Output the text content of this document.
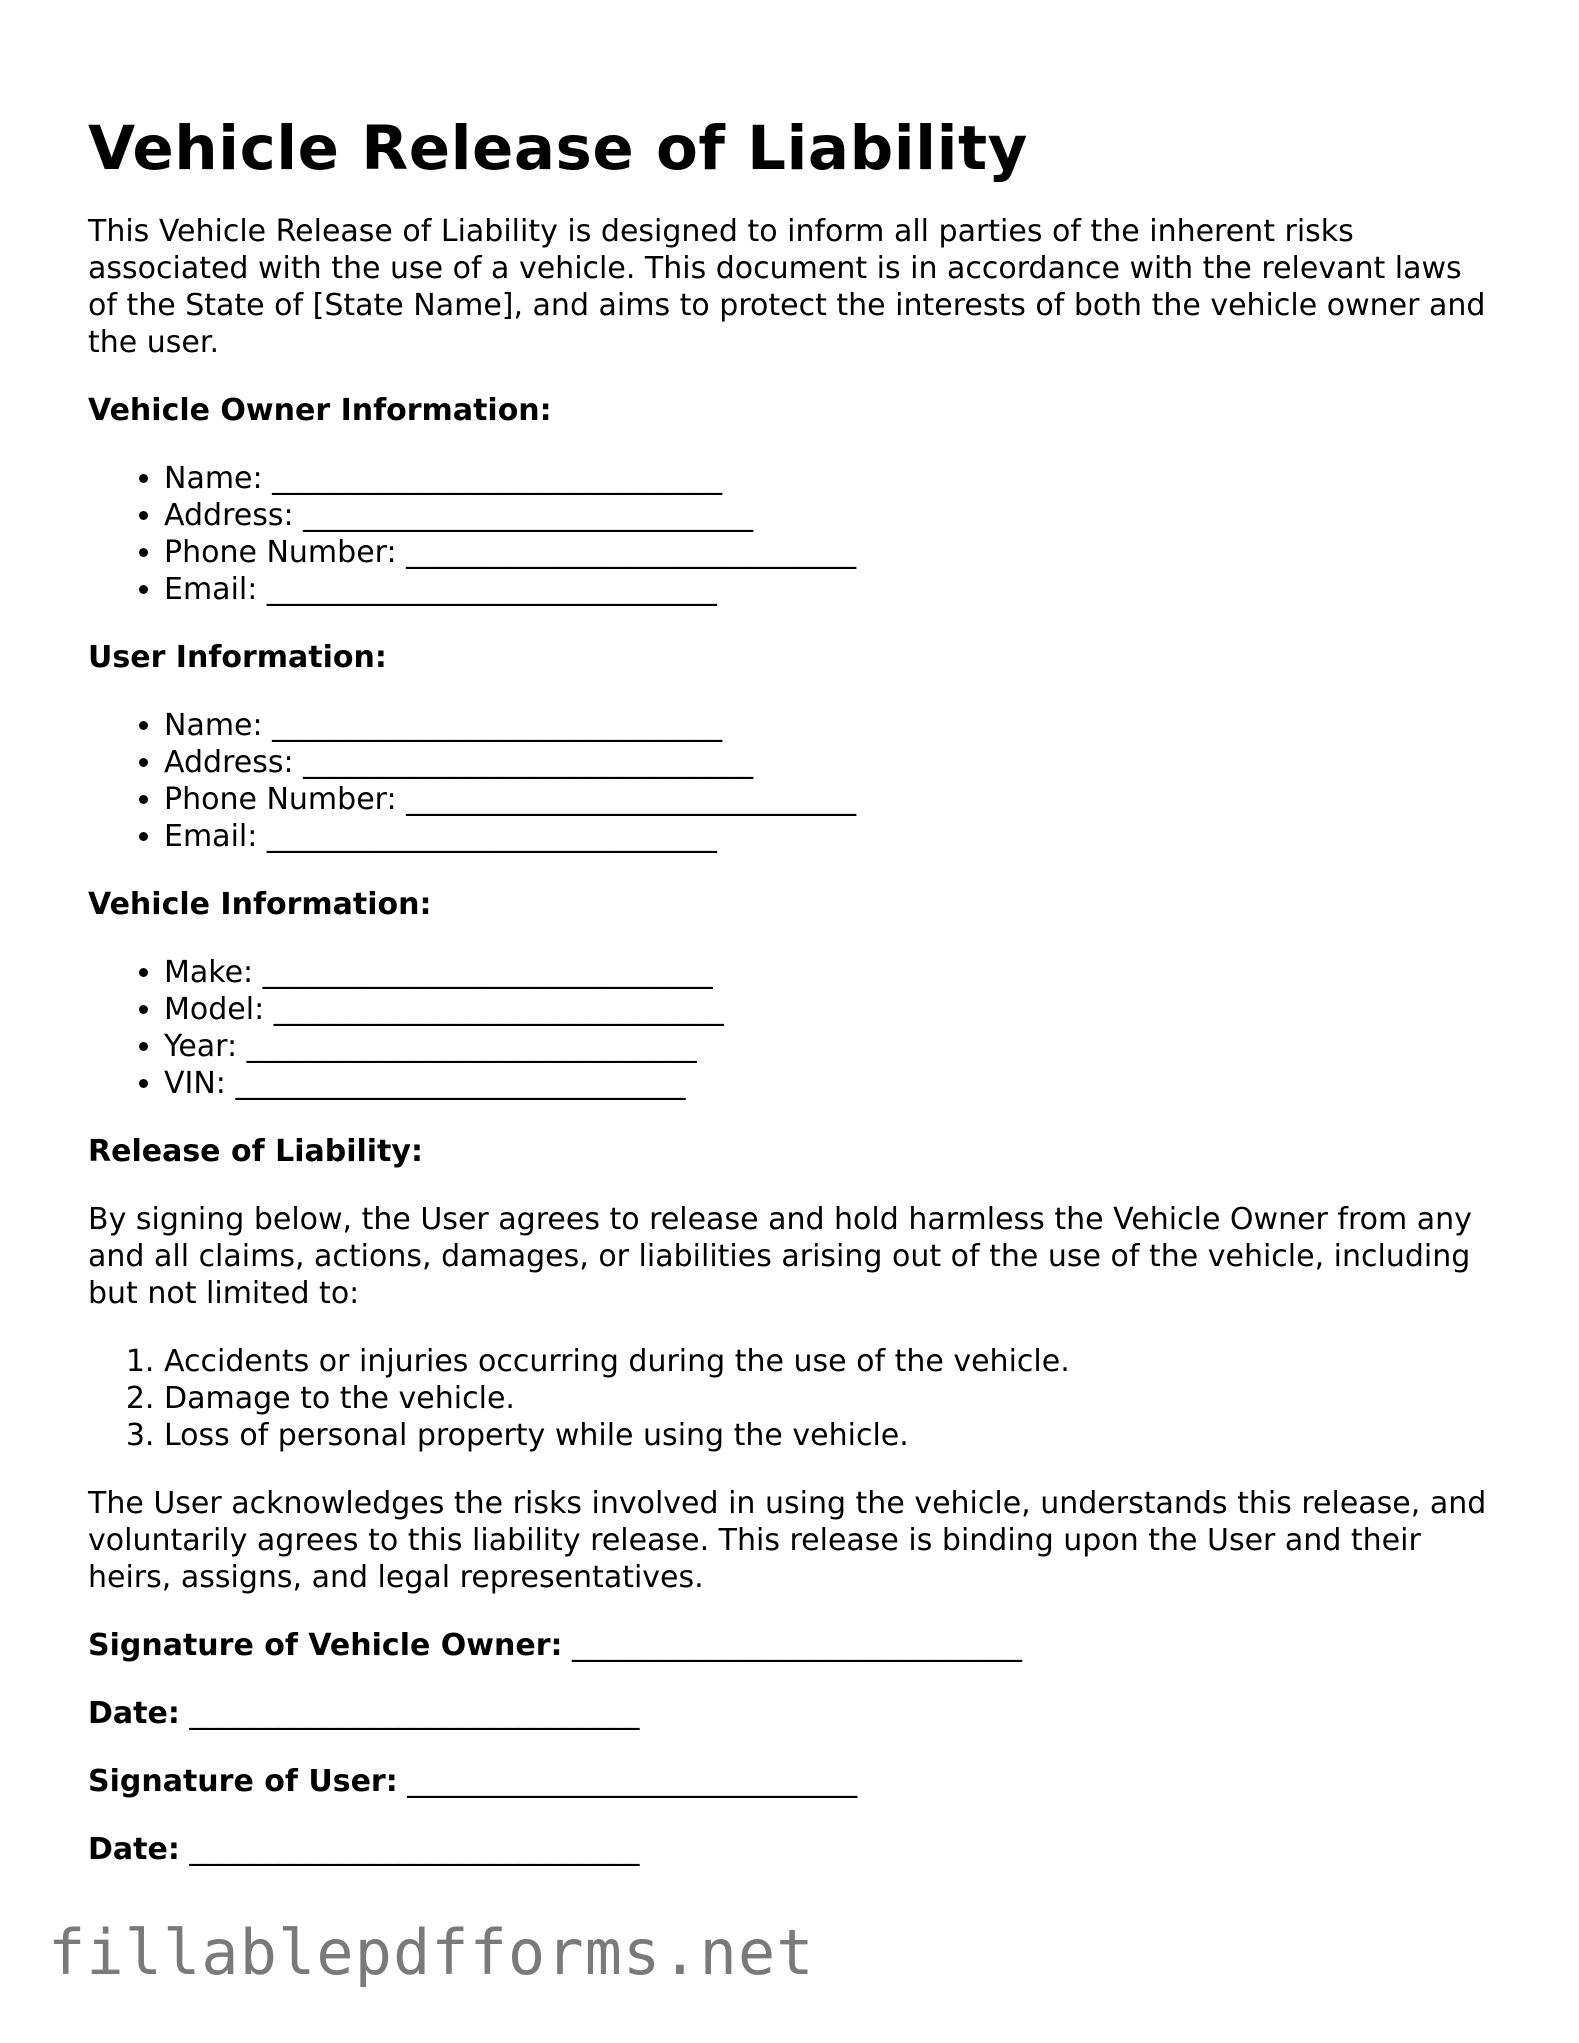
Vehicle Release of Liability

This Vehicle Release of Liability is designed to inform all parties of the inherent risks associated with the use of a vehicle. This document is in accordance with the relevant laws of the State of [State Name], and aims to protect the interests of both the vehicle owner and the user.

Vehicle Owner Information:
• Name: ______________________________
• Address: ______________________________
• Phone Number: ______________________________
• Email: ______________________________
User Information:
• Name: ______________________________
• Address: ______________________________
• Phone Number: ______________________________
• Email: ______________________________
Vehicle Information:
• Make: ______________________________
• Model: ______________________________
• Year: ______________________________
• VIN: ______________________________
Release of Liability:

By signing below, the User agrees to release and hold harmless the Vehicle Owner from any and all claims, actions, damages, or liabilities arising out of the use of the vehicle, including but not limited to:

1. Accidents or injuries occurring during the use of the vehicle.
2. Damage to the vehicle.
3. Loss of personal property while using the vehicle.

The User acknowledges the risks involved in using the vehicle, understands this release, and voluntarily agrees to this liability release. This release is binding upon the User and their heirs, assigns, and legal representatives.

Signature of Vehicle Owner: ______________________________
Date: ______________________________
Signature of User: ______________________________
Date: ______________________________
fillablepdfforms.net
